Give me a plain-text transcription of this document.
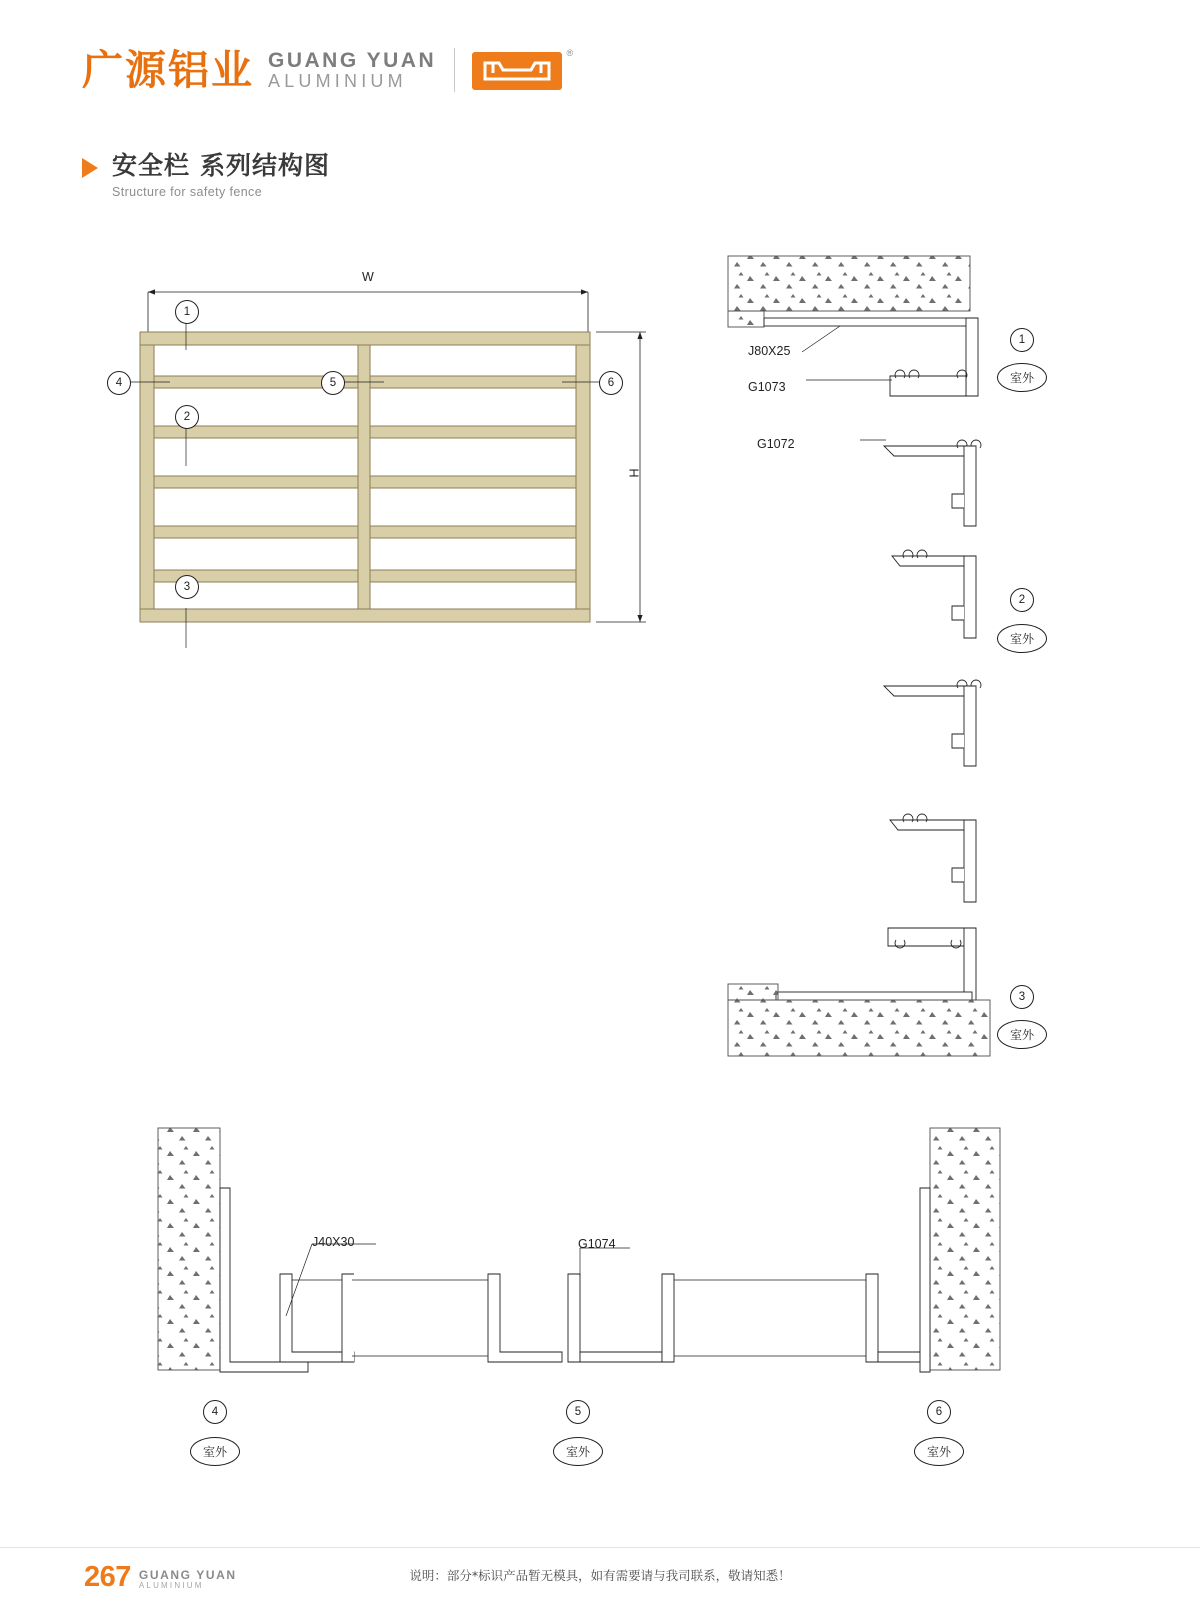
广源铝业 GUANG YUAN
ALUMINIUM
®
安全栏 系列结构图
Structure for safety fence
W
H
1
2
3
4	5	6
J80X25
G1073
1
室外
G1072
2
室外
3
室外
J40X30	G1074
4
室外
5
室外
6
室外
267 GUANG YUAN
ALUMINIUM
说明：部分*标识产品暂无模具，如有需要请与我司联系，敬请知悉！
